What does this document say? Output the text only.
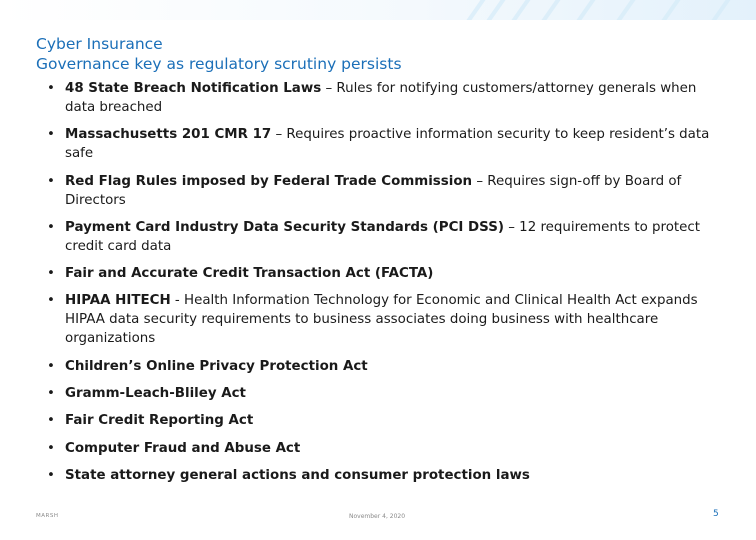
Cyber Insurance
Governance key as regulatory scrutiny persists
• 48 State Breach Notification Laws – Rules for notifying customers/attorney generals when data breached
• Massachusetts 201 CMR 17 – Requires proactive information security to keep resident’s data safe
• Red Flag Rules imposed by Federal Trade Commission – Requires sign-off by Board of Directors
• Payment Card Industry Data Security Standards (PCI DSS) – 12 requirements to protect credit card data
• Fair and Accurate Credit Transaction Act (FACTA)
• HIPAA HITECH - Health Information Technology for Economic and Clinical Health Act expands HIPAA data security requirements to business associates doing business with healthcare organizations
• Children’s Online Privacy Protection Act
• Gramm-Leach-Bliley Act
• Fair Credit Reporting Act
• Computer Fraud and Abuse Act
• State attorney general actions and consumer protection laws
MARSH	November 4, 2020	5
